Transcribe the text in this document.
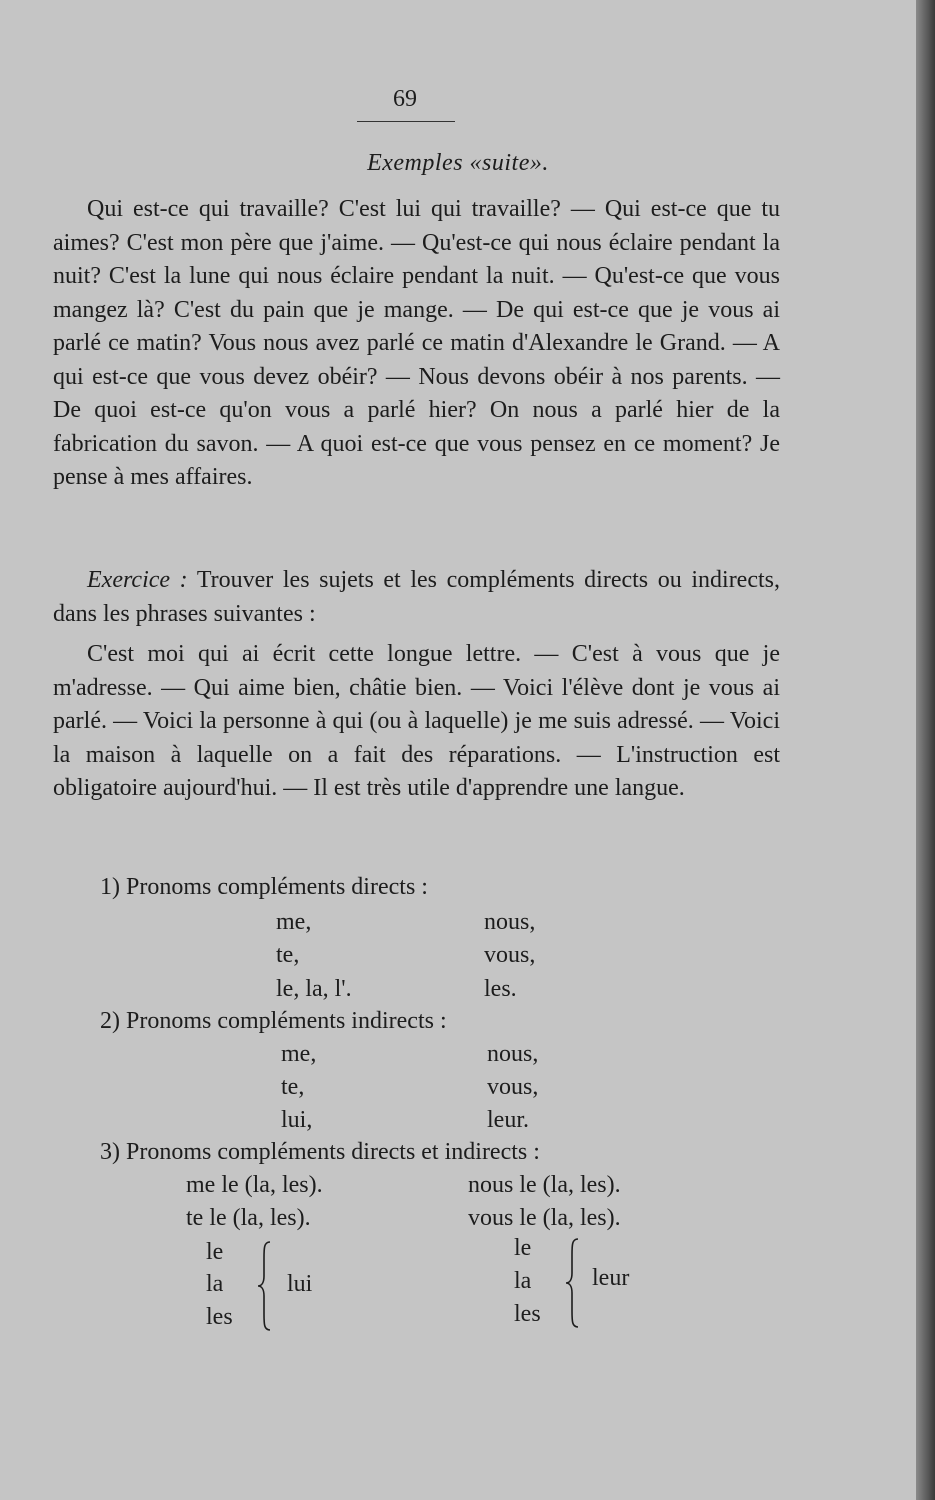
69
Exemples «suite».

Qui est-ce qui travaille? C'est lui qui travaille? — Qui est-ce que tu aimes? C'est mon père que j'aime. — Qu'est-ce qui nous éclaire pendant la nuit? C'est la lune qui nous éclaire pendant la nuit. — Qu'est-ce que vous mangez là? C'est du pain que je mange. — De qui est-ce que je vous ai parlé ce matin? Vous nous avez parlé ce matin d'Alexandre le Grand. — A qui est-ce que vous devez obéir? — Nous devons obéir à nos parents. — De quoi est-ce qu'on vous a parlé hier? On nous a parlé hier de la fabrication du savon. — A quoi est-ce que vous pensez en ce moment? Je pense à mes affaires.

Exercice : Trouver les sujets et les compléments directs ou indirects, dans les phrases suivantes :

C'est moi qui ai écrit cette longue lettre. — C'est à vous que je m'adresse. — Qui aime bien, châtie bien. — Voici l'élève dont je vous ai parlé. — Voici la personne à qui (ou à laquelle) je me suis adressé. — Voici la maison à laquelle on a fait des réparations. — L'instruction est obligatoire aujourd'hui. — Il est très utile d'apprendre une langue.

1) Pronoms compléments directs :
me,	nous,
te,	vous,
le, la, l'.	les.
2) Pronoms compléments indirects :
me,	nous,
te,	vous,
lui,	leur.
3) Pronoms compléments directs et indirects :
me le (la, les).	nous le (la, les).
te le (la, les).	vous le (la, les).
le
la
les
lui
le
la
les
leur
